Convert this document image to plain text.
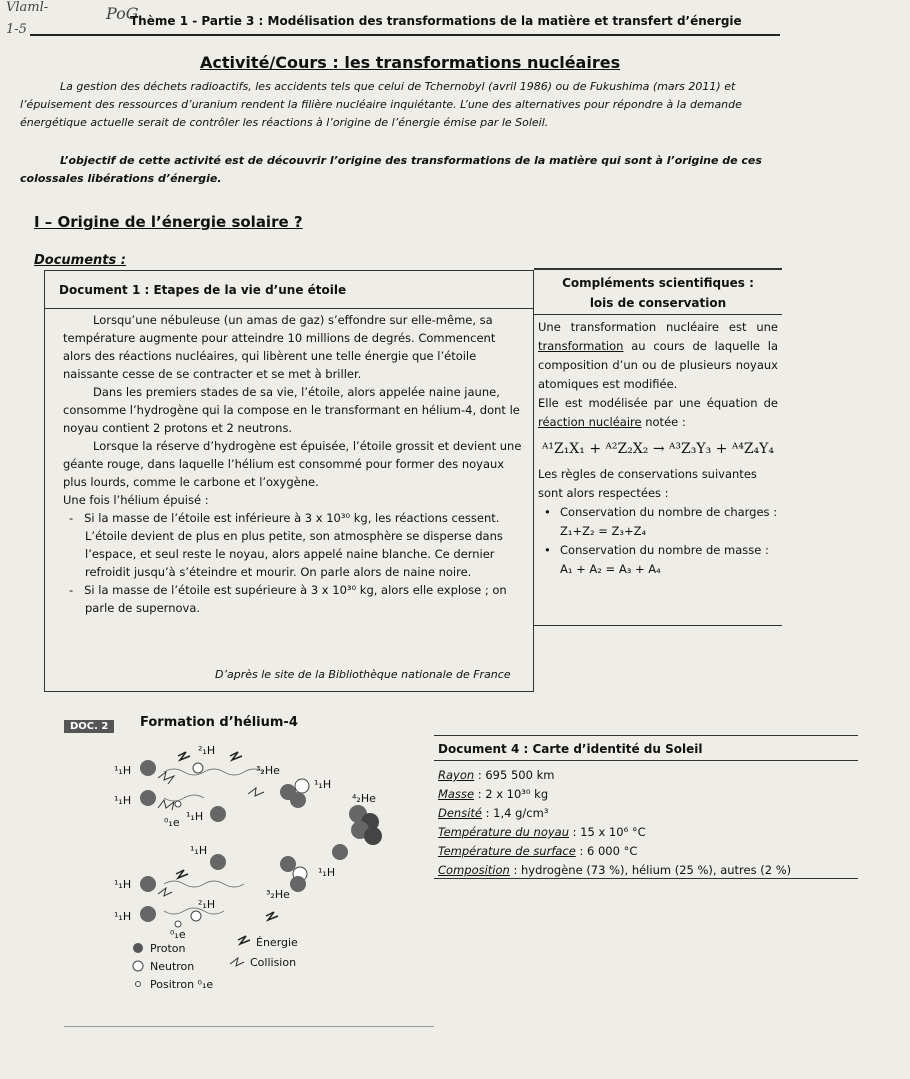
Vlaml-
1-5
PoG
Thème 1 - Partie 3 : Modélisation des transformations de la matière et transfert d’énergie
Activité/Cours : les transformations nucléaires

La gestion des déchets radioactifs, les accidents tels que celui de Tchernobyl (avril 1986) ou de Fukushima (mars 2011) et l’épuisement des ressources d’uranium rendent la filière nucléaire inquiétante. L’une des alternatives pour répondre à la demande énergétique actuelle serait de contrôler les réactions à l’origine de l’énergie émise par le Soleil.

L’objectif de cette activité est de découvrir l’origine des transformations de la matière qui sont à l’origine de ces colossales libérations d’énergie.

I – Origine de l’énergie solaire ?
Documents :
Document 1 : Etapes de la vie d’une étoile

Lorsqu’une nébuleuse (un amas de gaz) s’effondre sur elle-même, sa température augmente pour atteindre 10 millions de degrés. Commencent alors des réactions nucléaires, qui libèrent une telle énergie que l’étoile naissante cesse de se contracter et se met à briller.

Dans les premiers stades de sa vie, l’étoile, alors appelée naine jaune, consomme l’hydrogène qui la compose en le transformant en hélium-4, dont le noyau contient 2 protons et 2 neutrons.

Lorsque la réserve d’hydrogène est épuisée, l’étoile grossit et devient une géante rouge, dans laquelle l’hélium est consommé pour former des noyaux plus lourds, comme le carbone et l’oxygène.

Une fois l’hélium épuisé :

-   Si la masse de l’étoile est inférieure à 3 x 10³⁰ kg, les réactions cessent. L’étoile devient de plus en plus petite, son atmosphère se disperse dans l’espace, et seul reste le noyau, alors appelé naine blanche. Ce dernier refroidit jusqu’à s’éteindre et mourir. On parle alors de naine noire.

-   Si la masse de l’étoile est supérieure à 3 x 10³⁰ kg, alors elle explose ; on parle de supernova.

D’après le site de la Bibliothèque nationale de France
Compléments scientifiques :
lois de conservation

Une transformation nucléaire est une transformation au cours de laquelle la composition d’un ou de plusieurs noyaux atomiques est modifiée.

Elle est modélisée par une équation de réaction nucléaire notée :

ᴬ¹Z₁X₁ + ᴬ²Z₂X₂ → ᴬ³Z₃Y₃ + ᴬ⁴Z₄Y₄

Les règles de conservations suivantes sont alors respectées :

• Conservation du nombre de charges : Z₁+Z₂ = Z₃+Z₄

• Conservation du nombre de masse : A₁ + A₂ = A₃ + A₄

DOC. 2	Formation d’hélium-4
¹₁H
¹₁H
²₁H
³₂He
¹₁H
⁴₂He
⁰₁e ¹₁H
¹₁H
¹₁H
¹₁H
³₂He
¹₁H
²₁H
⁰₁e
Proton
Neutron
Positron ⁰₁e
Énergie
Collision
Document 4 : Carte d’identité du Soleil

Rayon : 695 500 km

Masse : 2 x 10³⁰ kg

Densité : 1,4 g/cm³

Température du noyau : 15 x 10⁶ °C

Température de surface : 6 000 °C

Composition : hydrogène (73 %), hélium (25 %), autres (2 %)
